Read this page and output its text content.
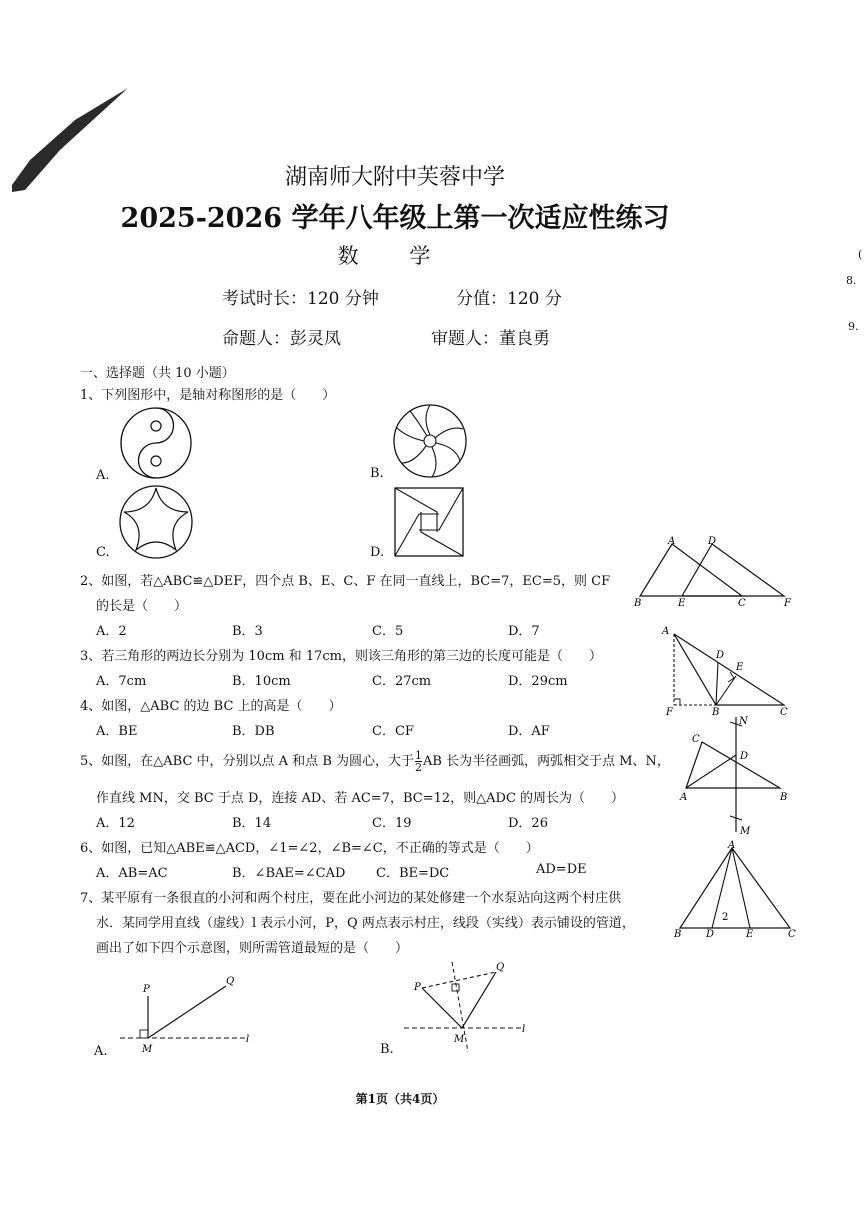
湖南师大附中芙蓉中学
2025-2026 学年八年级上第一次适应性练习
数 学
考试时长：120 分钟	分值：120 分
命题人：彭灵凤	审题人：董良勇
(
8.
9.
一、选择题（共 10 小题）
1、下列图形中，是轴对称图形的是（　　）
A.	B.
C.	D.
2、如图，若△ABC≌△DEF，四个点 B、E、C、F 在同一直线上，BC=7，EC=5，则 CF
的长是（　　）
A．2	B．3	C．5	D．7
A	D
B	E	C	F
3、若三角形的两边长分别为 10cm 和 17cm，则该三角形的第三边的长度可能是（　　）
A．7cm	B．10cm	C．27cm	D．29cm
4、如图，△ABC 的边 BC 上的高是（　　）
A．BE	B．DB	C．CF	D．AF
A
D
E
F	B	C
5、如图，在△ABC 中，分别以点 A 和点 B 为圆心，大于 $\frac{1}{2}$ AB 长为半径画弧，两弧相交于点 M、N，
作直线 MN，交 BC 于点 D，连接 AD、若 AC=7，BC=12，则△ADC 的周长为（　　）
A．12	B．14	C．19	D．26
N
C
D
A	B
M
6、如图，已知△ABE≌△ACD，∠1=∠2，∠B=∠C，不正确的等式是（　　）
A．AB=AC	B．∠BAE=∠CAD C．BE=DC	AD=DE
A
B D
2
E	C
7、某平原有一条很直的小河和两个村庄，要在此小河边的某处修建一个水泵站向这两个村庄供
水．某同学用直线（虚线）l 表示小河，P，Q 两点表示村庄，线段（实线）表示铺设的管道，
画出了如下四个示意图，则所需管道最短的是（　　）
A.	B.
P
Q
M
l
P
Q
M
l
第1页（共4页）
